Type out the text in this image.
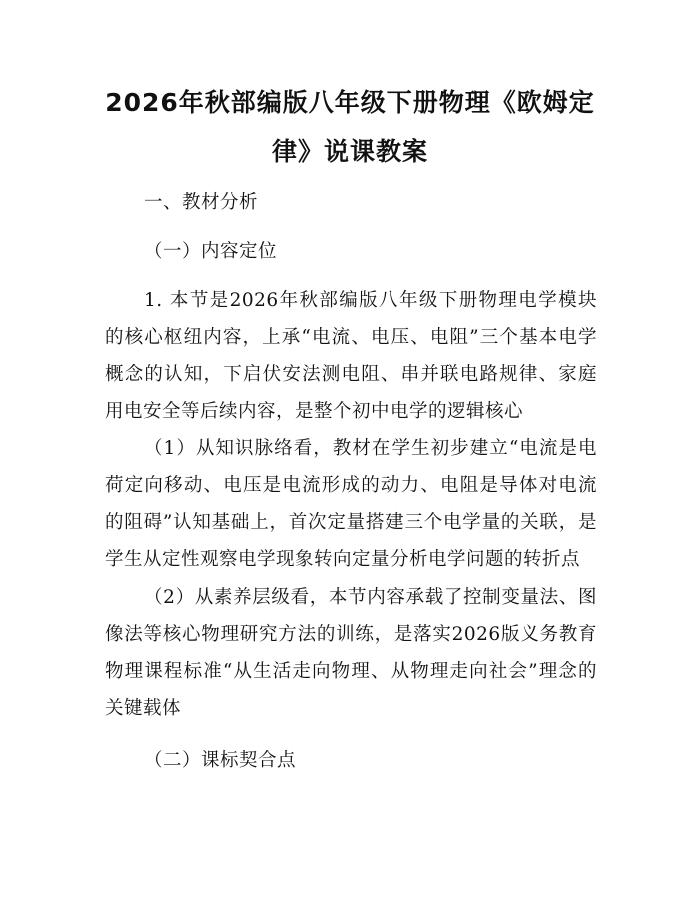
2026年秋部编版八年级下册物理《欧姆定律》说课教案
一、教材分析
（一）内容定位
1. 本节是2026年秋部编版八年级下册物理电学模块的核心枢纽内容，上承“电流、电压、电阻”三个基本电学概念的认知，下启伏安法测电阻、串并联电路规律、家庭用电安全等后续内容，是整个初中电学的逻辑核心
（1）从知识脉络看，教材在学生初步建立“电流是电荷定向移动、电压是电流形成的动力、电阻是导体对电流的阻碍”认知基础上，首次定量搭建三个电学量的关联，是学生从定性观察电学现象转向定量分析电学问题的转折点
（2）从素养层级看，本节内容承载了控制变量法、图像法等核心物理研究方法的训练，是落实2026版义务教育物理课程标准“从生活走向物理、从物理走向社会”理念的关键载体
（二）课标契合点
